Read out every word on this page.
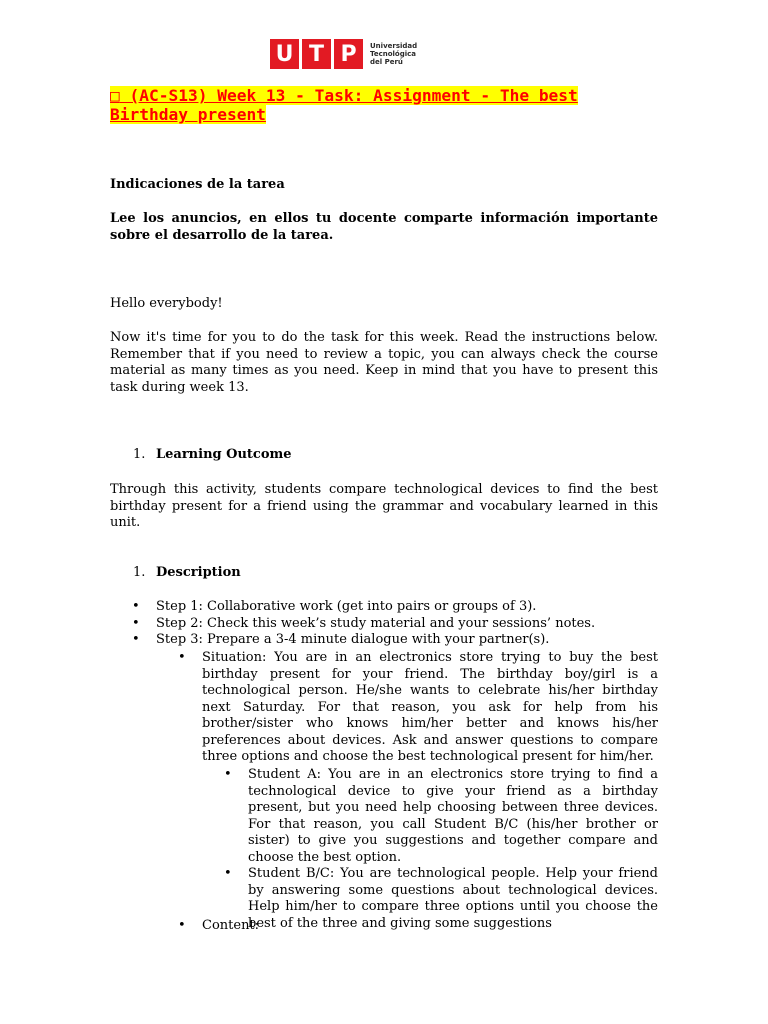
U T P	Universidad
Tecnológica
del Perú
□ (AC-S13) Week 13 - Task: Assignment - The best Birthday present
Indicaciones de la tarea
Lee los anuncios, en ellos tu docente comparte información importante sobre el desarrollo de la tarea.
Hello everybody!
Now it's time for you to do the task for this week. Read the instructions below. Remember that if you need to review a topic, you can always check the course material as many times as you need. Keep in mind that you have to present this task during week 13.
1. Learning Outcome
Through this activity, students compare technological devices to find the best birthday present for a friend using the grammar and vocabulary learned in this unit.
1. Description
• Step 1: Collaborative work (get into pairs or groups of 3).
• Step 2: Check this week’s study material and your sessions’ notes.
• Step 3: Prepare a 3-4 minute dialogue with your partner(s).
• Situation: You are in an electronics store trying to buy the best birthday present for your friend. The birthday boy/girl is a technological person. He/she wants to celebrate his/her birthday next Saturday. For that reason, you ask for help from his brother/sister who knows him/her better and knows his/her preferences about devices. Ask and answer questions to compare three options and choose the best technological present for him/her.
• Student A: You are in an electronics store trying to find a technological device to give your friend as a birthday present, but you need help choosing between three devices. For that reason, you call Student B/C (his/her brother or sister) to give you suggestions and together compare and choose the best option.
• Student B/C: You are technological people. Help your friend by answering some questions about technological devices. Help him/her to compare three options until you choose the best of the three and giving some suggestions
• Content:
